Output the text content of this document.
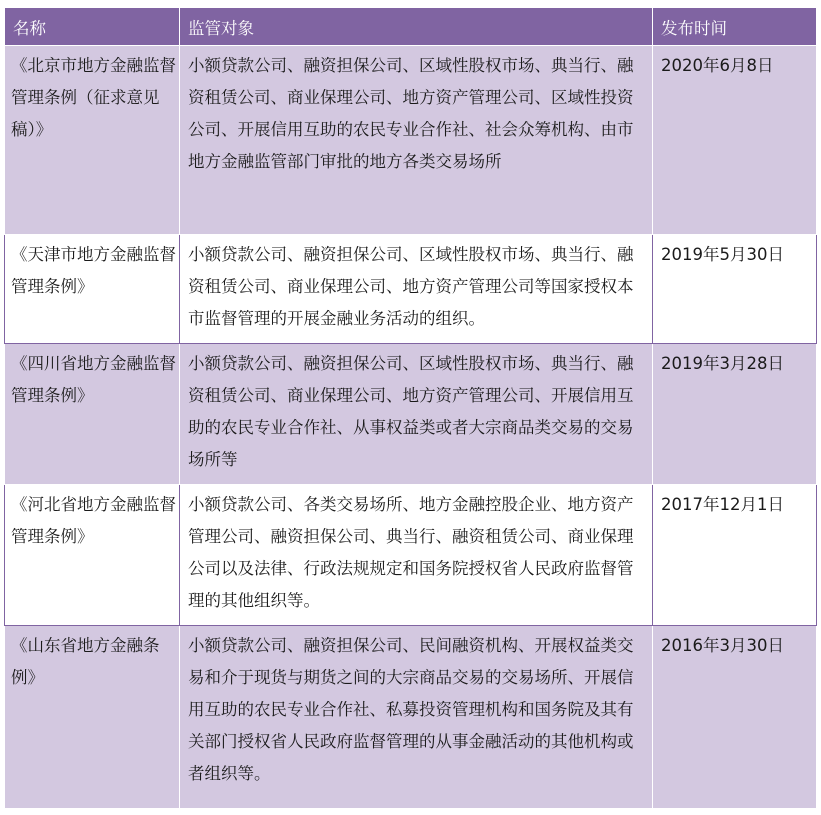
名称	监管对象	发布时间
《北京市地方金融监督管理条例（征求意见稿）》	小额贷款公司、融资担保公司、区域性股权市场、典当行、融资租赁公司、商业保理公司、地方资产管理公司、区域性投资公司、开展信用互助的农民专业合作社、社会众筹机构、由市地方金融监管部门审批的地方各类交易场所	2020年6月8日
《天津市地方金融监督管理条例》	小额贷款公司、融资担保公司、区域性股权市场、典当行、融资租赁公司、商业保理公司、地方资产管理公司等国家授权本市监督管理的开展金融业务活动的组织。	2019年5月30日
《四川省地方金融监督管理条例》	小额贷款公司、融资担保公司、区域性股权市场、典当行、融资租赁公司、商业保理公司、地方资产管理公司、开展信用互助的农民专业合作社、从事权益类或者大宗商品类交易的交易场所等	2019年3月28日
《河北省地方金融监督管理条例》	小额贷款公司、各类交易场所、地方金融控股企业、地方资产管理公司、融资担保公司、典当行、融资租赁公司、商业保理公司以及法律、行政法规规定和国务院授权省人民政府监督管理的其他组织等。	2017年12月1日
《山东省地方金融条例》	小额贷款公司、融资担保公司、民间融资机构、开展权益类交易和介于现货与期货之间的大宗商品交易的交易场所、开展信用互助的农民专业合作社、私募投资管理机构和国务院及其有关部门授权省人民政府监督管理的从事金融活动的其他机构或者组织等。	2016年3月30日
